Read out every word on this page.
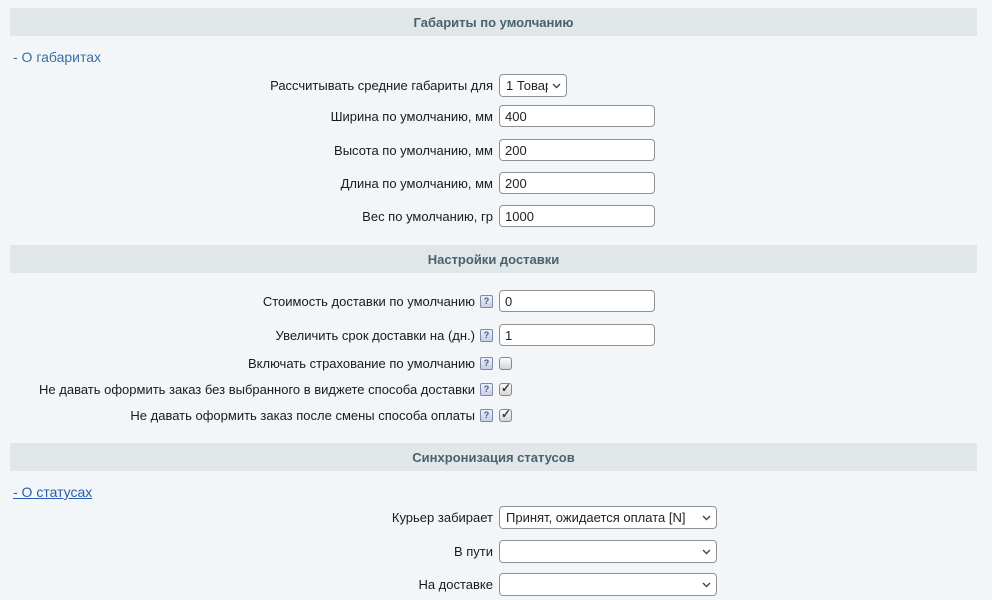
Габариты по умолчанию
- О габаритах
Рассчитывать средние габариты для
1 Товара
Ширина по умолчанию, мм
400
Высота по умолчанию, мм
200
Длина по умолчанию, мм
200
Вес по умолчанию, гр
1000
Настройки доставки
Стоимость доставки по умолчанию ?
0
Увеличить срок доставки на (дн.) ?
1
Включать страхование по умолчанию ?
Не давать оформить заказ без выбранного в виджете способа доставки ?
✓
Не давать оформить заказ после смены способа оплаты ?
✓
Синхронизация статусов
- О статусах
Курьер забирает
Принят, ожидается оплата [N]
В пути
На доставке
